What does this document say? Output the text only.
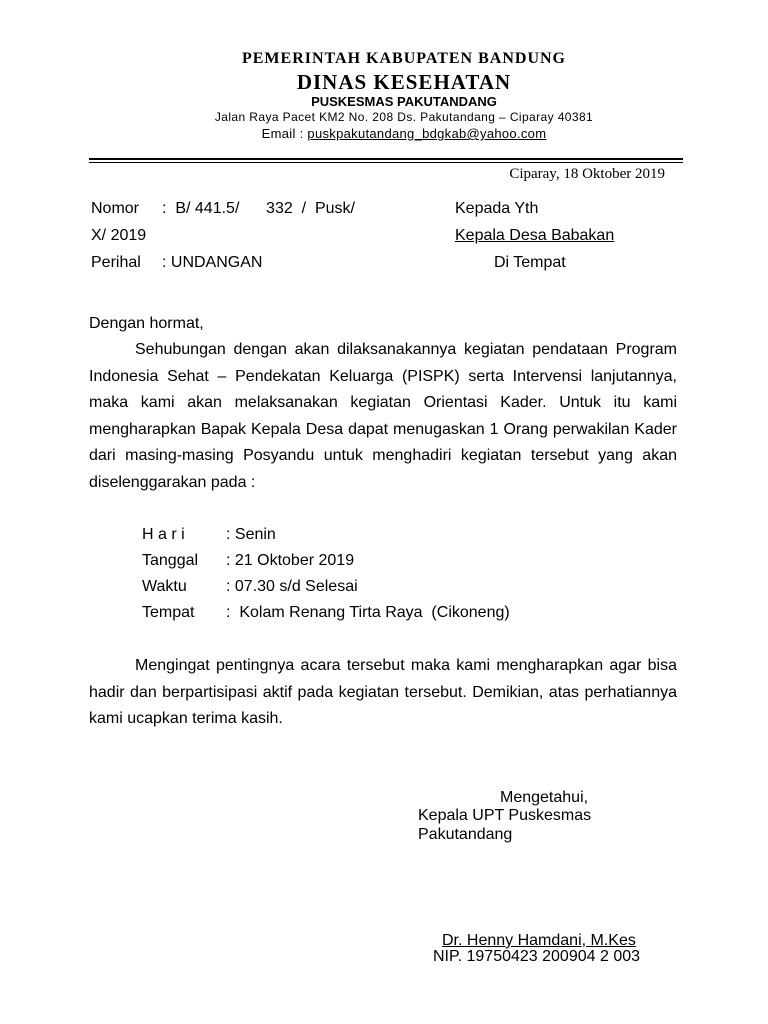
PEMERINTAH KABUPATEN BANDUNG
DINAS KESEHATAN
PUSKESMAS PAKUTANDANG
Jalan Raya Pacet KM2 No. 208 Ds. Pakutandang – Ciparay 40381
Email : puskpakutandang_bdgkab@yahoo.com
Ciparay, 18 Oktober 2019
Nomor :  B/ 441.5/      332  /  Pusk/
X/ 2019
Perihal : UNDANGAN
Kepada Yth
Kepala Desa Babakan
Di Tempat
Dengan hormat,
Sehubungan dengan akan dilaksanakannya kegiatan pendataan Program Indonesia Sehat – Pendekatan Keluarga (PISPK) serta Intervensi lanjutannya, maka kami akan melaksanakan kegiatan Orientasi Kader. Untuk itu kami mengharapkan Bapak Kepala Desa dapat menugaskan 1 Orang perwakilan Kader dari masing-masing Posyandu untuk menghadiri kegiatan tersebut yang akan diselenggarakan pada :
H a r i	: Senin
Tanggal : 21 Oktober 2019
Waktu : 07.30 s/d Selesai
Tempat :  Kolam Renang Tirta Raya  (Cikoneng)
Mengingat pentingnya acara tersebut maka kami mengharapkan agar bisa hadir dan berpartisipasi aktif pada kegiatan tersebut. Demikian, atas perhatiannya kami ucapkan terima kasih.
Mengetahui,
Kepala UPT Puskesmas
Pakutandang
Dr. Henny Hamdani, M.Kes
NIP. 19750423 200904 2 003
